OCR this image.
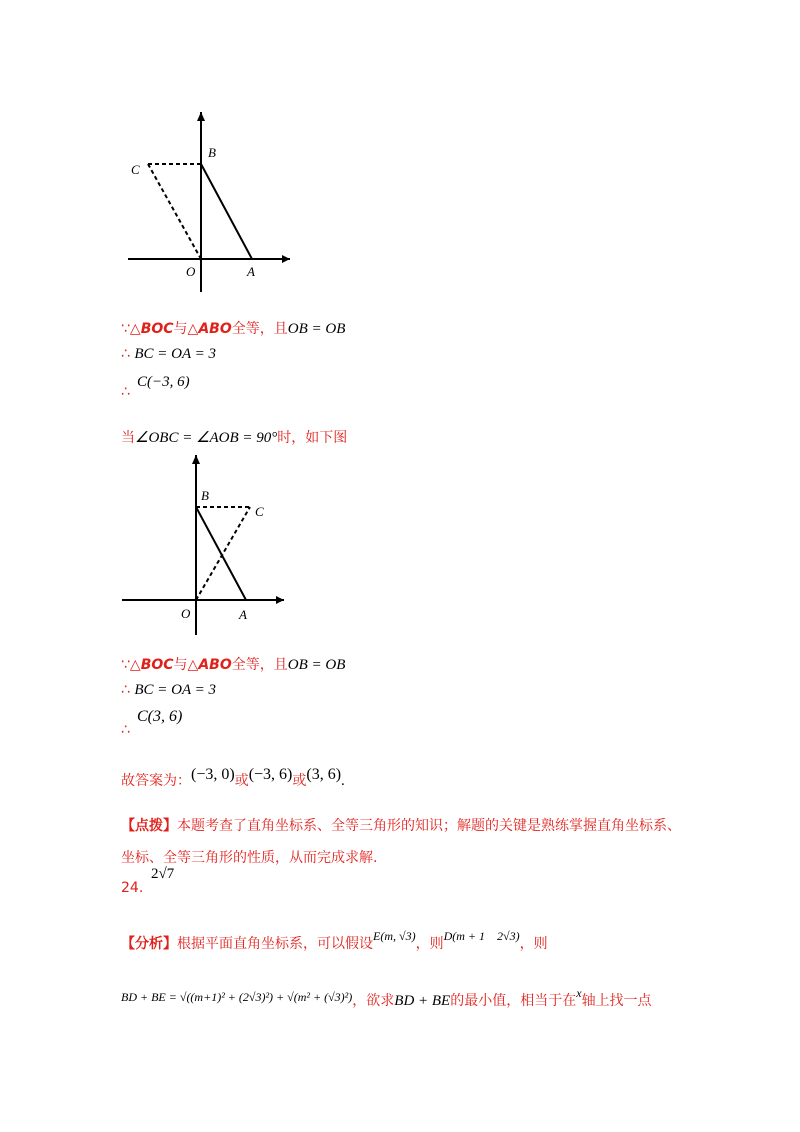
B
C
O	A
∵△BOC与△ABO全等，且OB = OB
∴ BC = OA = 3
∴
C(−3, 6)
当∠OBC = ∠AOB = 90°时，如下图
B
C
O	A
∵△BOC与△ABO全等，且OB = OB
∴ BC = OA = 3
∴
C(3, 6)
故答案为：(−3, 0)或(−3, 6)或(3, 6).
【点拨】本题考查了直角坐标系、全等三角形的知识；解题的关键是熟练掌握直角坐标系、
坐标、全等三角形的性质，从而完成求解.
24.
2√7
【分析】根据平面直角坐标系，可以假设E(m, √3)，则D(m + 1    2√3)，则
$^{BD + BE = √((m+1)^2 + (2√3)^2) + √(m^2 + (√3)^2)}$，欲求BD + BE的最小值，相当于在$^x$轴上找一点
